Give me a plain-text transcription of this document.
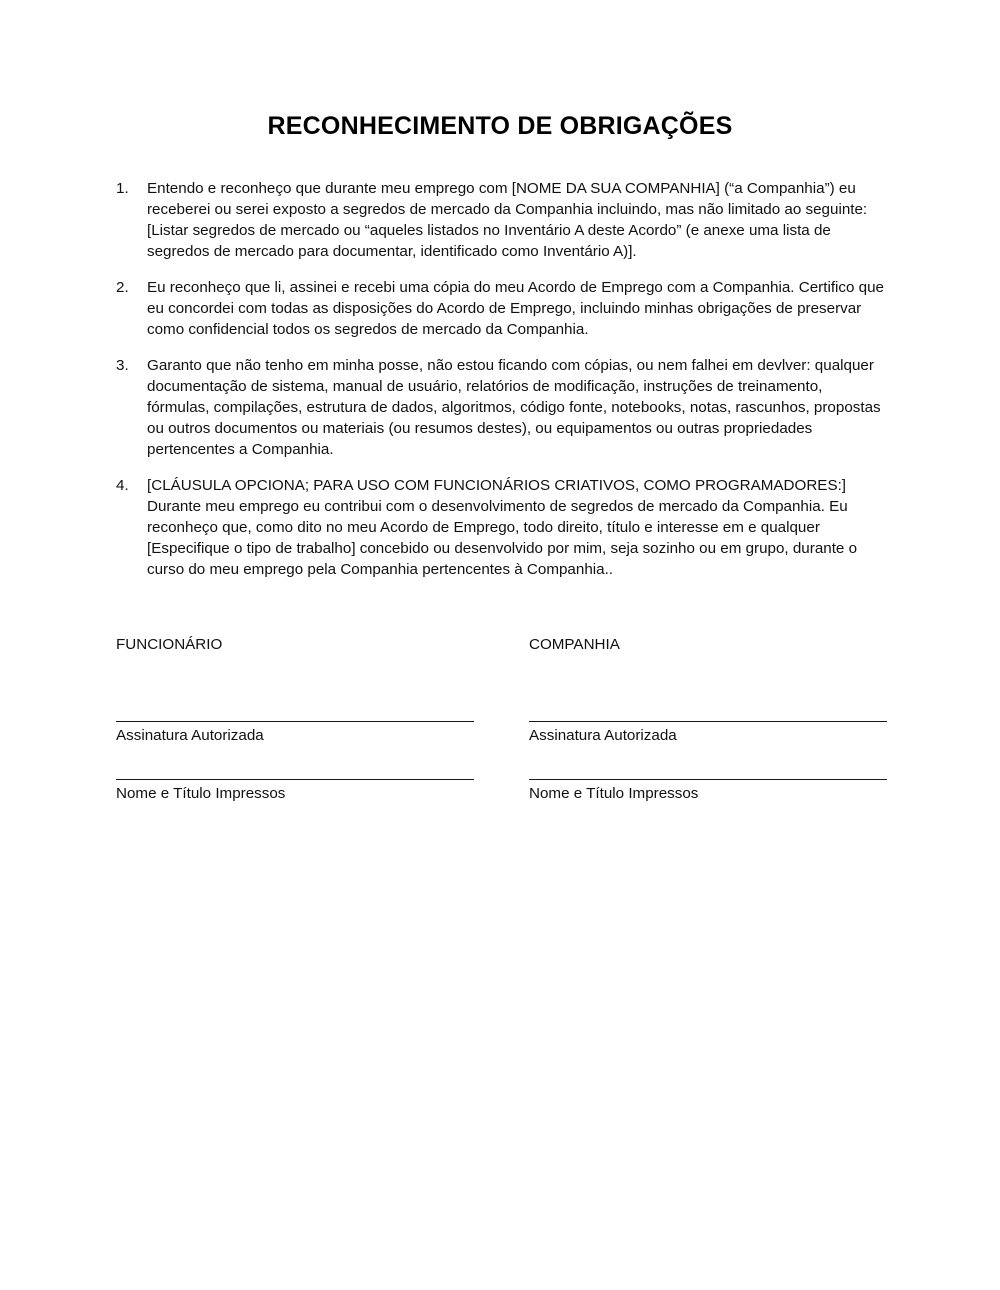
RECONHECIMENTO DE OBRIGAÇÕES
1.	Entendo e reconheço que durante meu emprego com [NOME DA SUA COMPANHIA] (“a Companhia”) eu receberei ou serei exposto a segredos de mercado da Companhia incluindo, mas não limitado ao seguinte: [Listar segredos de mercado ou “aqueles listados no Inventário A deste Acordo” (e anexe uma lista de segredos de mercado para documentar, identificado como Inventário A)].
2.	Eu reconheço que li, assinei e recebi uma cópia do meu Acordo de Emprego com a Companhia. Certifico que eu concordei com todas as disposições do Acordo de Emprego, incluindo minhas obrigações de preservar como confidencial todos os segredos de mercado da Companhia.
3.	Garanto que não tenho em minha posse, não estou ficando com cópias, ou nem falhei em devlver: qualquer documentação de sistema, manual de usuário, relatórios de modificação, instruções de treinamento, fórmulas, compilações, estrutura de dados, algoritmos, código fonte, notebooks, notas, rascunhos, propostas ou outros documentos ou materiais (ou resumos destes), ou equipamentos ou outras propriedades pertencentes a Companhia.
4.	[CLÁUSULA OPCIONA; PARA USO COM FUNCIONÁRIOS CRIATIVOS, COMO PROGRAMADORES:] Durante meu emprego eu contribui com o desenvolvimento de segredos de mercado da Companhia. Eu reconheço que, como dito no meu Acordo de Emprego, todo direito, título e interesse em e qualquer [Especifique o tipo de trabalho] concebido ou desenvolvido por mim, seja sozinho ou em grupo, durante o curso do meu emprego pela Companhia pertencentes à Companhia..
FUNCIONÁRIO
Assinatura Autorizada
Nome e Título Impressos
COMPANHIA
Assinatura Autorizada
Nome e Título Impressos
